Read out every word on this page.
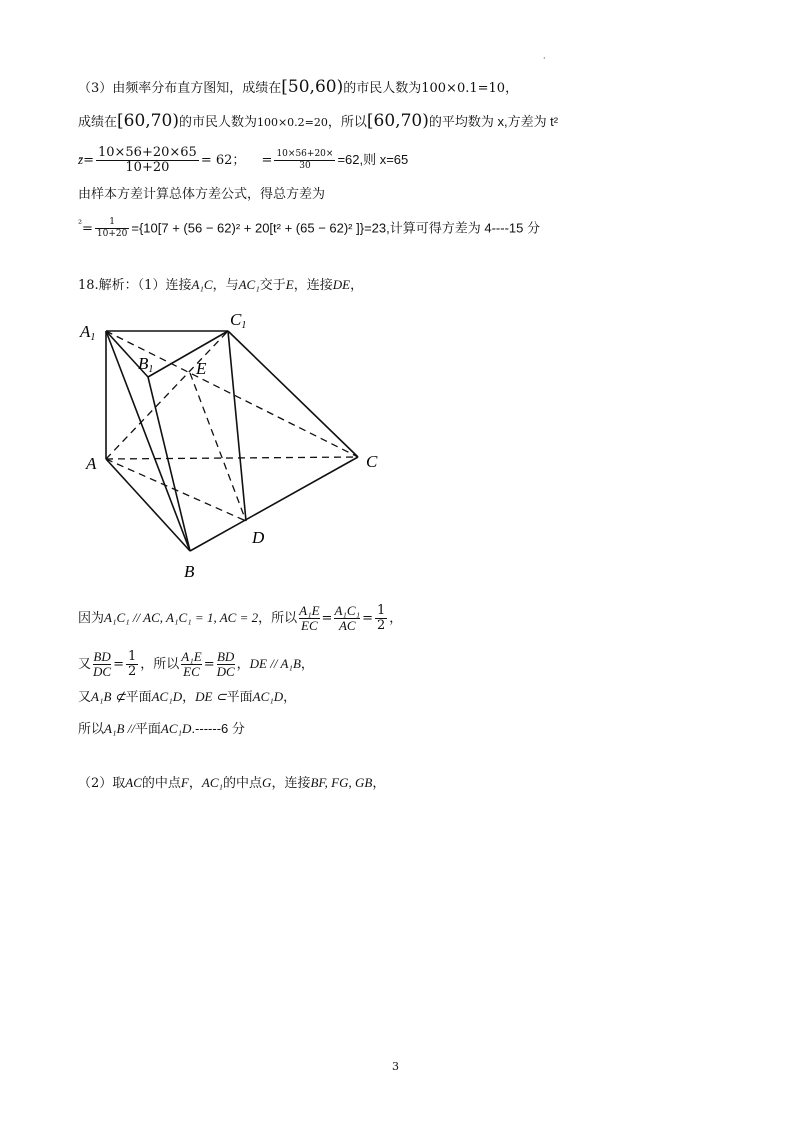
·
（3）由频率分布直方图知，成绩在[50,60)的市民人数为100×0.1=10，
成绩在[60,70)的市民人数为100×0.2=20，所以[60,70)的平均数为 x,方差为 t²
z̄= $\frac{10\times 56+20\times 65}{10+20} = 62$； = $\frac{10\times 56+20\times}{30} =62$,则 x=65
由样本方差计算总体方差公式，得总方差为
$^{^2}= \frac{1}{10+20} =\{10[7 + (56 - 62)^2 + 20[t^2 + (65 - 62)^2$ ]}=23,计算可得方差为 4----15 分
18.解析：（1）连接A₁C，与AC₁交于E，连接DE，
A1
B1
C1
E
A	C
D
B
因为A₁C₁ // AC, A₁C₁ = 1, AC = 2，所以 $\frac{\text{A₁E}}{EC} = \frac{\text{A₁C₁}}{AC} = \frac{1}{2}$ ，
又 $\frac{BD}{DC} = \frac{1}{2}$ ，所以 $\frac{\text{A₁E}}{EC} = \frac{BD}{DC}$ ，DE // A₁B，
又A₁B ⊄平面AC₁D，DE ⊂平面AC₁D，
所以A₁B //平面AC₁D.------6 分
（2）取AC的中点F，AC₁的中点G，连接BF, FG, GB，
3
